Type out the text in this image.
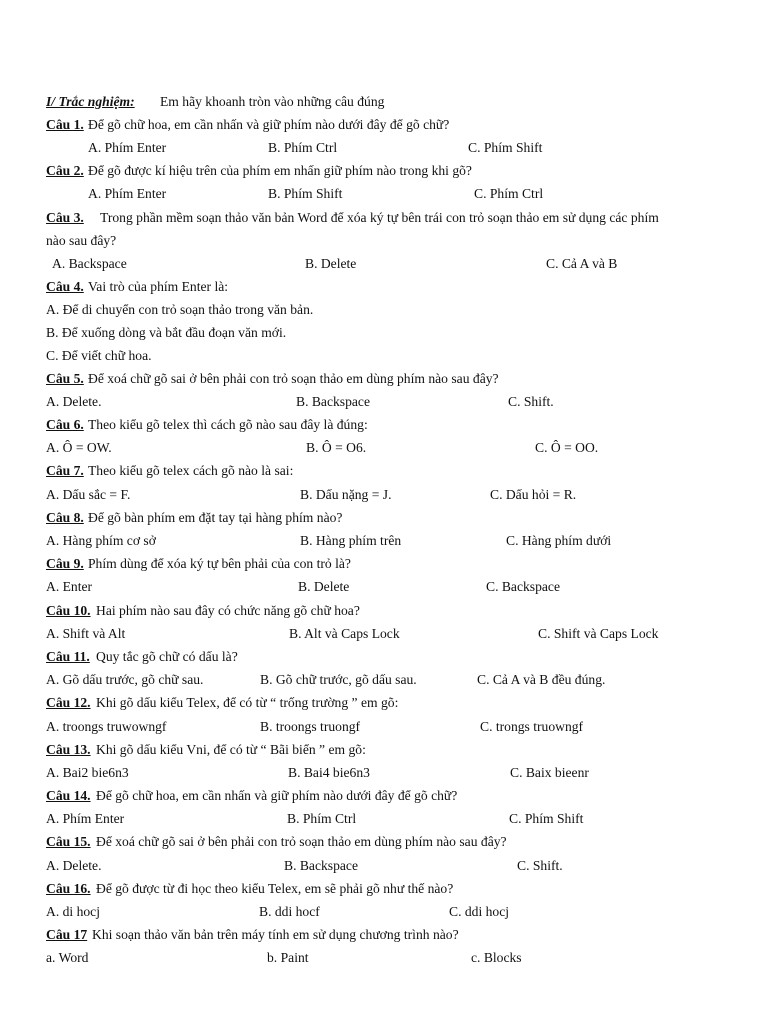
I/ Trắc nghiệm: Em hãy khoanh tròn vào những câu đúng
Câu 1. Để gõ chữ hoa, em cần nhấn và giữ phím nào dưới đây để gõ chữ?
A. Phím Enter	B. Phím Ctrl	C. Phím Shift
Câu 2. Để gõ được kí hiệu trên của phím em nhấn giữ phím nào trong khi gõ?
A. Phím Enter	B. Phím Shift	C. Phím Ctrl
Câu 3. Trong phần mềm soạn thảo văn bản Word để xóa ký tự bên trái con trỏ soạn thảo em sử dụng các phím
nào sau đây?
A. Backspace	B. Delete	C. Cả A và B
Câu 4. Vai trò của phím Enter là:
A. Để di chuyển con trỏ soạn thảo trong văn bản.
B. Để xuống dòng và bắt đầu đoạn văn mới.
C. Để viết chữ hoa.
Câu 5. Để xoá chữ gõ sai ở bên phải con trỏ soạn thảo em dùng phím nào sau đây?
A. Delete.	B. Backspace	C. Shift.
Câu 6. Theo kiểu gõ telex thì cách gõ nào sau đây là đúng:
A. Ô = OW.	B. Ô = O6.	C. Ô = OO.
Câu 7. Theo kiểu gõ telex cách gõ nào là sai:
A. Dấu sắc = F.	B. Dấu nặng = J.	C. Dấu hỏi = R.
Câu 8. Để gõ bàn phím em đặt tay tại hàng phím nào?
A. Hàng phím cơ sở	B. Hàng phím trên	C. Hàng phím dưới
Câu 9. Phím dùng để xóa ký tự bên phải của con trỏ là?
A. Enter	B. Delete	C. Backspace
Câu 10. Hai phím nào sau đây có chức năng gõ chữ hoa?
A. Shift và Alt	B. Alt và Caps Lock	C. Shift và Caps Lock
Câu 11. Quy tắc gõ chữ có dấu là?
A. Gõ dấu trước, gõ chữ sau.	B. Gõ chữ trước, gõ dấu sau.	C. Cả A và B đều đúng.
Câu 12. Khi gõ dấu kiểu Telex, để có từ “ trống trường ” em gõ:
A. troongs truwowngf	B. troongs truongf	C. trongs truowngf
Câu 13. Khi gõ dấu kiểu Vni, để có từ “ Bãi biển ” em gõ:
A. Bai2 bie6n3	B. Bai4 bie6n3	C. Baix bieenr
Câu 14. Để gõ chữ hoa, em cần nhấn và giữ phím nào dưới đây để gõ chữ?
A. Phím Enter	B. Phím Ctrl	C. Phím Shift
Câu 15. Để xoá chữ gõ sai ở bên phải con trỏ soạn thảo em dùng phím nào sau đây?
A. Delete.	B. Backspace	C. Shift.
Câu 16. Để gõ được từ đi học theo kiểu Telex, em sẽ phải gõ như thế nào?
A. di hocj	B. ddi hocf	C. ddi hocj
Câu 17 Khi soạn thảo văn bản trên máy tính em sử dụng chương trình nào?
a. Word	b. Paint	c. Blocks
